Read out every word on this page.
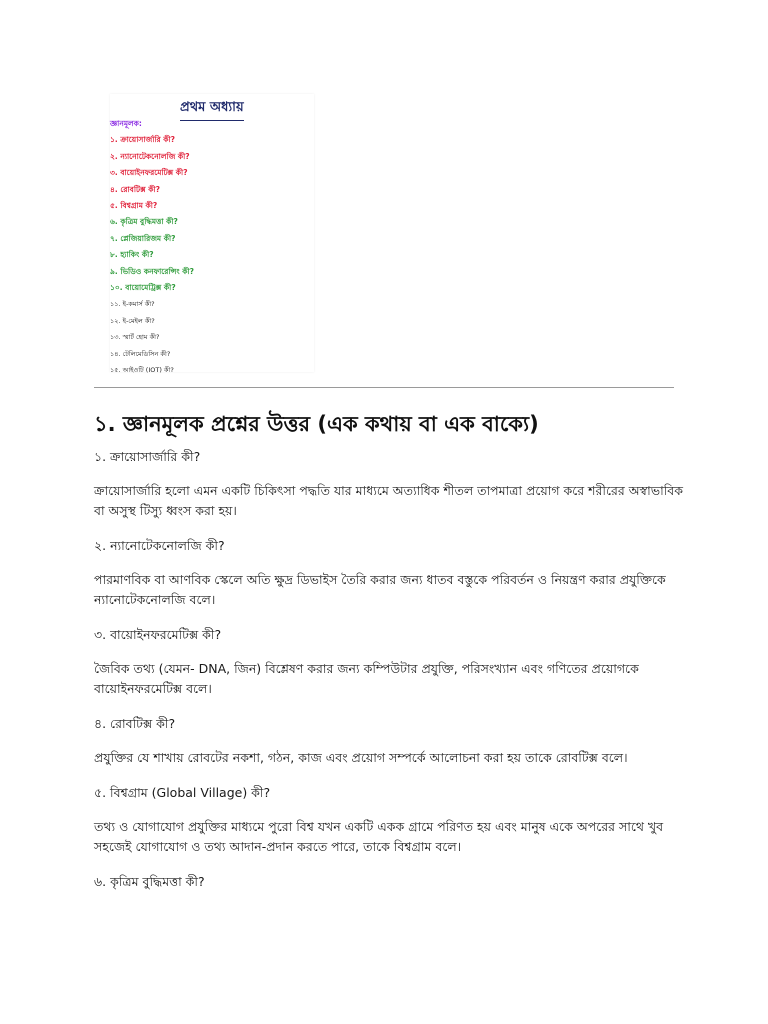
প্রথম অধ্যায়
জ্ঞানমূলক:
১. ক্রায়োসার্জারি কী?
২. ন্যানোটেকনোলজি কী?
৩. বায়োইনফরমেটিক্স কী?
৪. রোবটিক্স কী?
৫. বিশ্বগ্রাম কী?
৬. কৃত্রিম বুদ্ধিমত্তা কী?
৭. প্লেজিয়ারিজম কী?
৮. হ্যাকিং কী?
৯. ভিডিও কনফারেন্সিং কী?
১০. বায়োমেট্রিক্স কী?
১১. ই-কমার্স কী?
১২. ই-মেইল কী?
১৩. স্মার্ট হোম কী?
১৪. টেলিমেডিসিন কী?
১৫. আইওটি (IOT) কী?
১. জ্ঞানমূলক প্রশ্নের উত্তর (এক কথায় বা এক বাক্যে)

১. ক্রায়োসার্জারি কী?

ক্রায়োসার্জারি হলো এমন একটি চিকিৎসা পদ্ধতি যার মাধ্যমে অত্যাধিক শীতল তাপমাত্রা প্রয়োগ করে শরীরের অস্বাভাবিক বা অসুস্থ টিস্যু ধ্বংস করা হয়।

২. ন্যানোটেকনোলজি কী?

পারমাণবিক বা আণবিক স্কেলে অতি ক্ষুদ্র ডিভাইস তৈরি করার জন্য ধাতব বস্তুকে পরিবর্তন ও নিয়ন্ত্রণ করার প্রযুক্তিকে ন্যানোটেকনোলজি বলে।

৩. বায়োইনফরমেটিক্স কী?

জৈবিক তথ্য (যেমন- DNA, জিন) বিশ্লেষণ করার জন্য কম্পিউটার প্রযুক্তি, পরিসংখ্যান এবং গণিতের প্রয়োগকে বায়োইনফরমেটিক্স বলে।

৪. রোবটিক্স কী?

প্রযুক্তির যে শাখায় রোবটের নকশা, গঠন, কাজ এবং প্রয়োগ সম্পর্কে আলোচনা করা হয় তাকে রোবটিক্স বলে।

৫. বিশ্বগ্রাম (Global Village) কী?

তথ্য ও যোগাযোগ প্রযুক্তির মাধ্যমে পুরো বিশ্ব যখন একটি একক গ্রামে পরিণত হয় এবং মানুষ একে অপরের সাথে খুব সহজেই যোগাযোগ ও তথ্য আদান-প্রদান করতে পারে, তাকে বিশ্বগ্রাম বলে।

৬. কৃত্রিম বুদ্ধিমত্তা কী?
